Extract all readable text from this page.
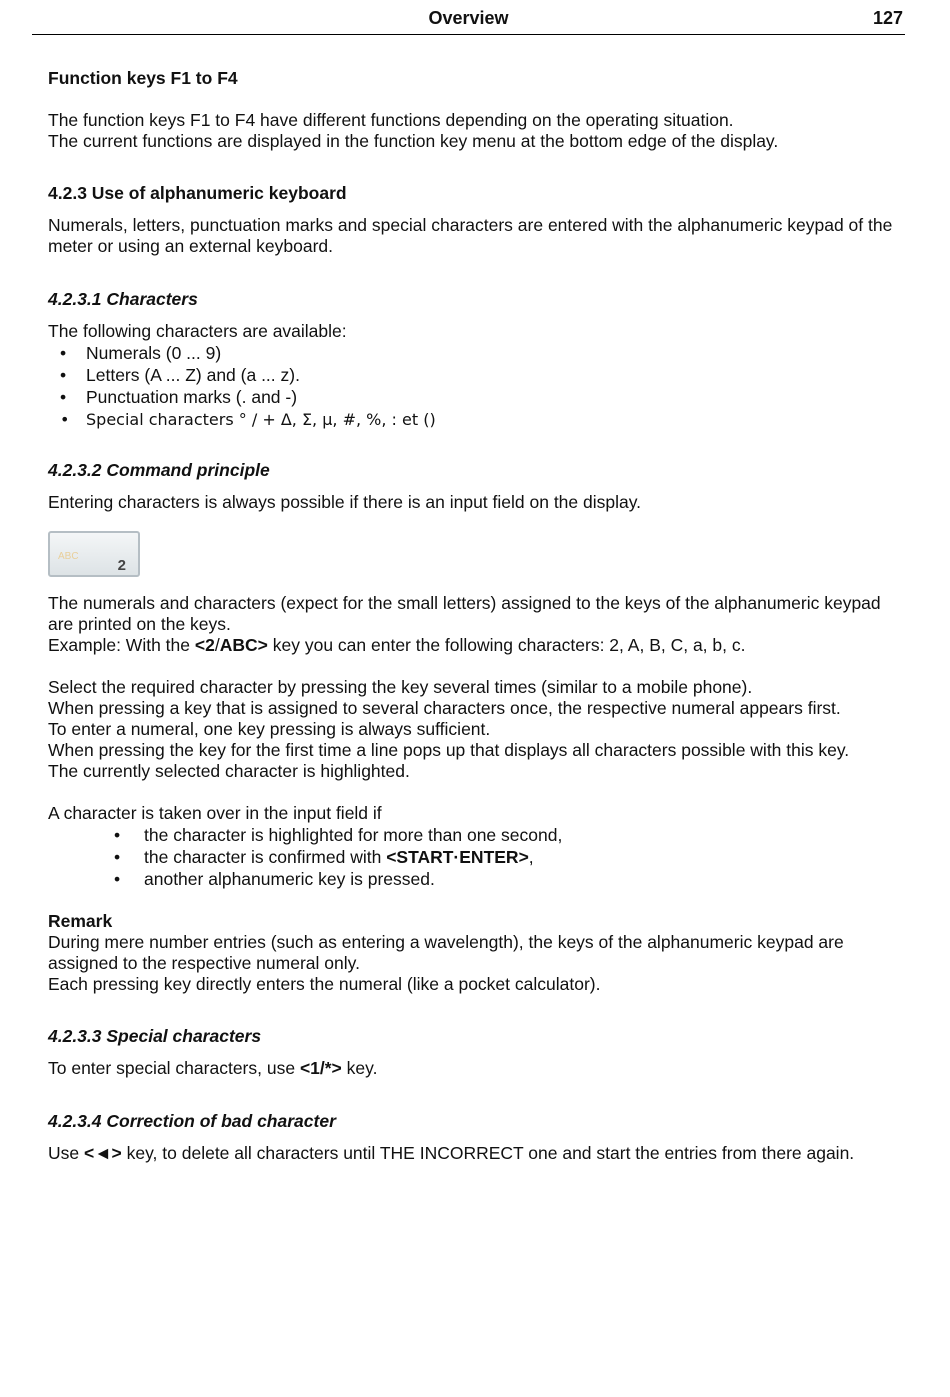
Overview	127

Function keys F1 to F4

The function keys F1 to F4 have different functions depending on the operating situation.

The current functions are displayed in the function key menu at the bottom edge of the display.

4.2.3 Use of alphanumeric keyboard

Numerals, letters, punctuation marks and special characters are entered with the alphanumeric keypad of the meter or using an external keyboard.

4.2.3.1 Characters

The following characters are available:

• Numerals (0 ... 9)
• Letters (A ... Z) and (a ... z).
• Punctuation marks (. and -)
• Special characters ° / + Δ, Σ, μ, #, %, : et ()

4.2.3.2 Command principle

Entering characters is always possible if there is an input field on the display.

ABC
2

The numerals and characters (expect for the small letters) assigned to the keys of the alphanumeric keypad are printed on the keys.

Example: With the <2/ABC> key you can enter the following characters: 2, A, B, C, a, b, c.

Select the required character by pressing the key several times (similar to a mobile phone).

When pressing a key that is assigned to several characters once, the respective numeral appears first.

To enter a numeral, one key pressing is always sufficient.

When pressing the key for the first time a line pops up that displays all characters possible with this key.

The currently selected character is highlighted.

A character is taken over in the input field if

• the character is highlighted for more than one second,
• the character is confirmed with <START·ENTER>,
• another alphanumeric key is pressed.

Remark

During mere number entries (such as entering a wavelength), the keys of the alphanumeric keypad are assigned to the respective numeral only.

Each pressing key directly enters the numeral (like a pocket calculator).

4.2.3.3 Special characters

To enter special characters, use <1/*> key.

4.2.3.4 Correction of bad character

Use <◄> key, to delete all characters until THE INCORRECT one and start the entries from there again.
